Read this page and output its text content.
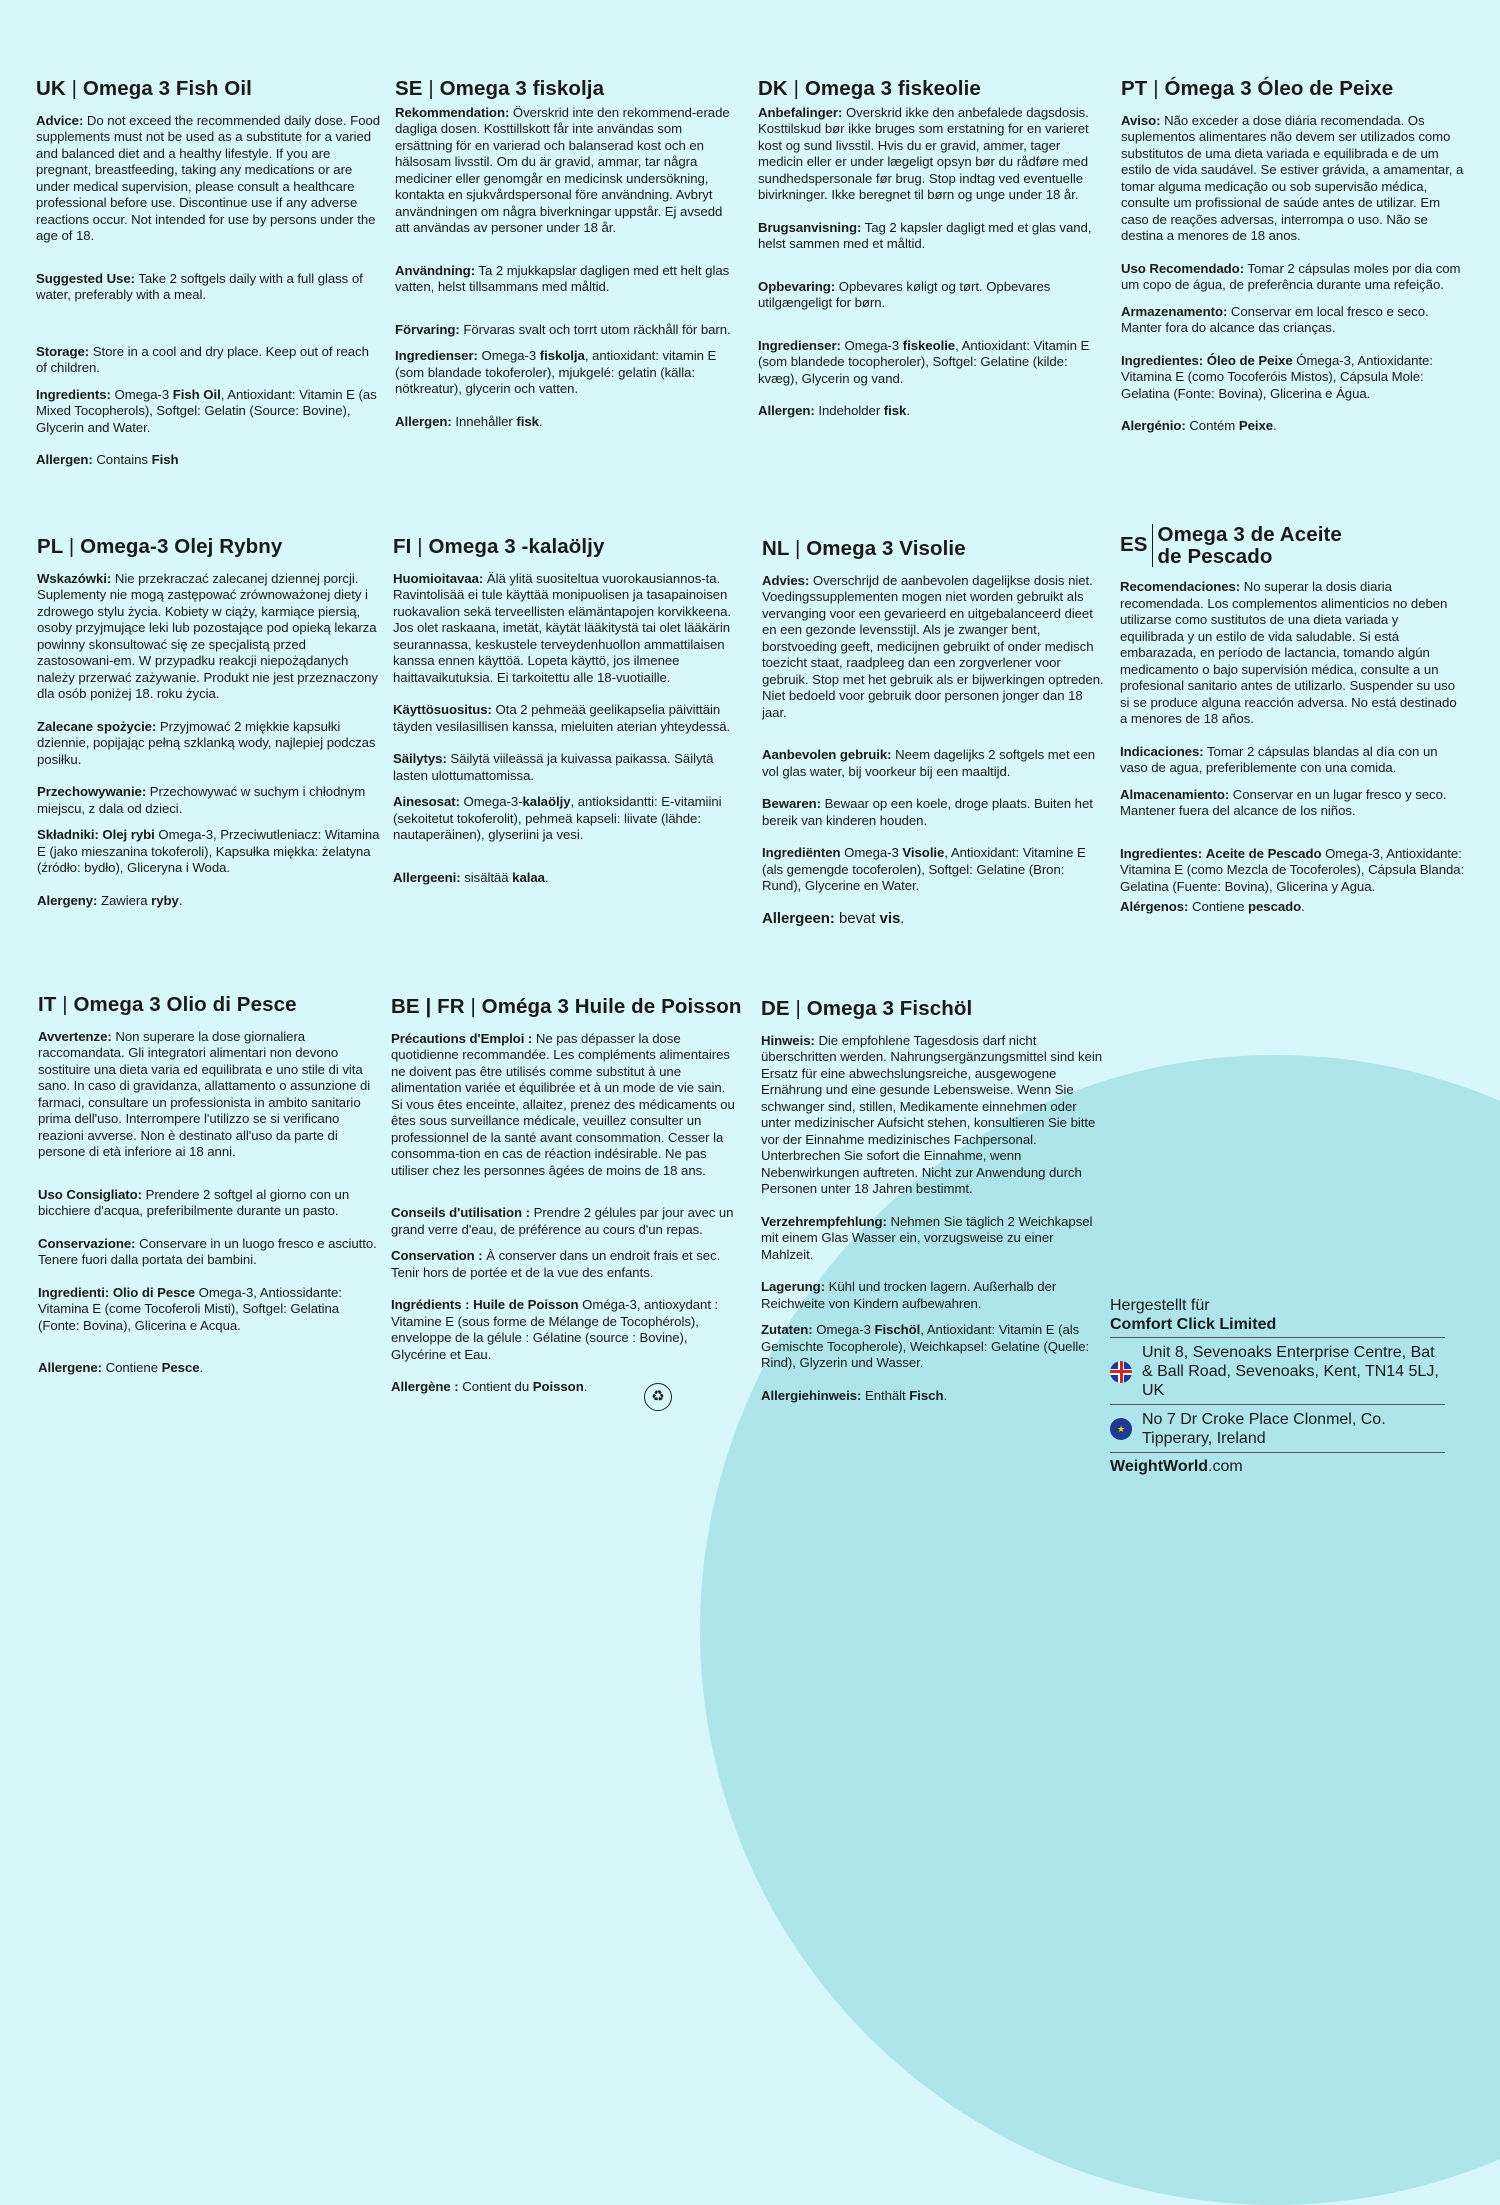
UK | Omega 3 Fish Oil

Advice: Do not exceed the recommended daily dose. Food supplements must not be used as a substitute for a varied and balanced diet and a healthy lifestyle. If you are pregnant, breastfeeding, taking any medications or are under medical supervision, please consult a healthcare professional before use. Discontinue use if any adverse reactions occur. Not intended for use by persons under the age of 18.

Suggested Use: Take 2 softgels daily with a full glass of water, preferably with a meal.

Storage: Store in a cool and dry place. Keep out of reach of children.

Ingredients: Omega-3 Fish Oil, Antioxidant: Vitamin E (as Mixed Tocopherols), Softgel: Gelatin (Source: Bovine), Glycerin and Water.

Allergen: Contains Fish

SE | Omega 3 fiskolja

Rekommendation: Överskrid inte den rekommend-erade dagliga dosen. Kosttillskott får inte användas som ersättning för en varierad och balanserad kost och en hälsosam livsstil. Om du är gravid, ammar, tar några mediciner eller genomgår en medicinsk undersökning, kontakta en sjukvårdspersonal före användning. Avbryt användningen om några biverkningar uppstår. Ej avsedd att användas av personer under 18 år.

Användning: Ta 2 mjukkapslar dagligen med ett helt glas vatten, helst tillsammans med måltid.

Förvaring: Förvaras svalt och torrt utom räckhåll för barn.

Ingredienser: Omega-3 fiskolja, antioxidant: vitamin E (som blandade tokoferoler), mjukgelé: gelatin (källa: nötkreatur), glycerin och vatten.

Allergen: Innehåller fisk.

DK | Omega 3 fiskeolie

Anbefalinger: Overskrid ikke den anbefalede dagsdosis. Kosttilskud bør ikke bruges som erstatning for en varieret kost og sund livsstil. Hvis du er gravid, ammer, tager medicin eller er under lægeligt opsyn bør du rådføre med sundhedspersonale før brug. Stop indtag ved eventuelle bivirkninger. Ikke beregnet til børn og unge under 18 år.

Brugsanvisning: Tag 2 kapsler dagligt med et glas vand, helst sammen med et måltid.

Opbevaring: Opbevares køligt og tørt. Opbevares utilgængeligt for børn.

Ingredienser: Omega-3 fiskeolie, Antioxidant: Vitamin E (som blandede tocopheroler), Softgel: Gelatine (kilde: kvæg), Glycerin og vand.

Allergen: Indeholder fisk.

PT | Ómega 3 Óleo de Peixe

Aviso: Não exceder a dose diária recomendada. Os suplementos alimentares não devem ser utilizados como substitutos de uma dieta variada e equilibrada e de um estilo de vida saudável. Se estiver grávida, a amamentar, a tomar alguma medicação ou sob supervisão médica, consulte um profissional de saúde antes de utilizar. Em caso de reações adversas, interrompa o uso. Não se destina a menores de 18 anos.

Uso Recomendado: Tomar 2 cápsulas moles por dia com um copo de água, de preferência durante uma refeição.

Armazenamento: Conservar em local fresco e seco. Manter fora do alcance das crianças.

Ingredientes: Óleo de Peixe Ómega-3, Antioxidante: Vitamina E (como Tocoferóis Mistos), Cápsula Mole: Gelatina (Fonte: Bovina), Glicerina e Água.

Alergénio: Contém Peixe.

PL | Omega-3 Olej Rybny

Wskazówki: Nie przekraczać zalecanej dziennej porcji. Suplementy nie mogą zastępować zrównoważonej diety i zdrowego stylu życia. Kobiety w ciąży, karmiące piersią, osoby przyjmujące leki lub pozostające pod opieką lekarza powinny skonsultować się ze specjalistą przed zastosowani-em. W przypadku reakcji niepożądanych należy przerwać zażywanie. Produkt nie jest przeznaczony dla osób poniżej 18. roku życia.

Zalecane spożycie: Przyjmować 2 miękkie kapsułki dziennie, popijając pełną szklanką wody, najlepiej podczas posiłku.

Przechowywanie: Przechowywać w suchym i chłodnym miejscu, z dala od dzieci.

Składniki: Olej rybi Omega-3, Przeciwutleniacz: Witamina E (jako mieszanina tokoferoli), Kapsułka miękka: żelatyna (źródło: bydło), Gliceryna i Woda.

Alergeny: Zawiera ryby.

FI | Omega 3 -kalaöljy

Huomioitavaa: Älä ylitä suositeltua vuorokausiannos-ta. Ravintolisää ei tule käyttää monipuolisen ja tasapainoisen ruokavalion sekä terveellisten elämäntapojen korvikkeena. Jos olet raskaana, imetät, käytät lääkitystä tai olet lääkärin seurannassa, keskustele terveydenhuollon ammattilaisen kanssa ennen käyttöä. Lopeta käyttö, jos ilmenee haittavaikutuksia. Ei tarkoitettu alle 18-vuotiaille.

Käyttösuositus: Ota 2 pehmeää geelikapselia päivittäin täyden vesilasillisen kanssa, mieluiten aterian yhteydessä.

Säilytys: Säilytä viileässä ja kuivassa paikassa. Säilytä lasten ulottumattomissa.

Ainesosat: Omega-3-kalaöljy, antioksidantti: E-vitamiini (sekoitetut tokoferolit), pehmeä kapseli: liivate (lähde: nautaperäinen), glyseriini ja vesi.

Allergeeni: sisältää kalaa.

NL | Omega 3 Visolie

Advies: Overschrijd de aanbevolen dagelijkse dosis niet. Voedingssupplementen mogen niet worden gebruikt als vervanging voor een gevarieerd en uitgebalanceerd dieet en een gezonde levensstijl. Als je zwanger bent, borstvoeding geeft, medicijnen gebruikt of onder medisch toezicht staat, raadpleeg dan een zorgverlener voor gebruik. Stop met het gebruik als er bijwerkingen optreden. Niet bedoeld voor gebruik door personen jonger dan 18 jaar.

Aanbevolen gebruik: Neem dagelijks 2 softgels met een vol glas water, bij voorkeur bij een maaltijd.

Bewaren: Bewaar op een koele, droge plaats. Buiten het bereik van kinderen houden.

Ingrediënten Omega-3 Visolie, Antioxidant: Vitamine E (als gemengde tocoferolen), Softgel: Gelatine (Bron: Rund), Glycerine en Water.

Allergeen: bevat vis.

ES Omega 3 de Aceite
de Pescado

Recomendaciones: No superar la dosis diaria recomendada. Los complementos alimenticios no deben utilizarse como sustitutos de una dieta variada y equilibrada y un estilo de vida saludable. Si está embarazada, en período de lactancia, tomando algún medicamento o bajo supervisión médica, consulte a un profesional sanitario antes de utilizarlo. Suspender su uso si se produce alguna reacción adversa. No está destinado a menores de 18 años.

Indicaciones: Tomar 2 cápsulas blandas al día con un vaso de agua, preferiblemente con una comida.

Almacenamiento: Conservar en un lugar fresco y seco. Mantener fuera del alcance de los niños.

Ingredientes: Aceite de Pescado Omega-3, Antioxidante: Vitamina E (como Mezcla de Tocoferoles), Cápsula Blanda: Gelatina (Fuente: Bovina), Glicerina y Agua.

Alérgenos: Contiene pescado.

IT | Omega 3 Olio di Pesce

Avvertenze: Non superare la dose giornaliera raccomandata. Gli integratori alimentari non devono sostituire una dieta varia ed equilibrata e uno stile di vita sano. In caso di gravidanza, allattamento o assunzione di farmaci, consultare un professionista in ambito sanitario prima dell'uso. Interrompere l'utilizzo se si verificano reazioni avverse. Non è destinato all'uso da parte di persone di età inferiore ai 18 anni.

Uso Consigliato: Prendere 2 softgel al giorno con un bicchiere d'acqua, preferibilmente durante un pasto.

Conservazione: Conservare in un luogo fresco e asciutto. Tenere fuori dalla portata dei bambini.

Ingredienti: Olio di Pesce Omega-3, Antiossidante: Vitamina E (come Tocoferoli Misti), Softgel: Gelatina (Fonte: Bovina), Glicerina e Acqua.

Allergene: Contiene Pesce.

BE | FR | Oméga 3 Huile de Poisson

Précautions d'Emploi : Ne pas dépasser la dose quotidienne recommandée. Les compléments alimentaires ne doivent pas être utilisés comme substitut à une alimentation variée et équilibrée et à un mode de vie sain. Si vous êtes enceinte, allaitez, prenez des médicaments ou êtes sous surveillance médicale, veuillez consulter un professionnel de la santé avant consommation. Cesser la consomma-tion en cas de réaction indésirable. Ne pas utiliser chez les personnes âgées de moins de 18 ans.

Conseils d'utilisation : Prendre 2 gélules par jour avec un grand verre d'eau, de préférence au cours d'un repas.

Conservation : À conserver dans un endroit frais et sec. Tenir hors de portée et de la vue des enfants.

Ingrédients : Huile de Poisson Oméga-3, antioxydant : Vitamine E (sous forme de Mélange de Tocophérols), enveloppe de la gélule : Gélatine (source : Bovine), Glycérine et Eau.

Allergène : Contient du Poisson.

♻
DE | Omega 3 Fischöl

Hinweis: Die empfohlene Tagesdosis darf nicht überschritten werden. Nahrungsergänzungsmittel sind kein Ersatz für eine abwechslungsreiche, ausgewogene Ernährung und eine gesunde Lebensweise. Wenn Sie schwanger sind, stillen, Medikamente einnehmen oder unter medizinischer Aufsicht stehen, konsultieren Sie bitte vor der Einnahme medizinisches Fachpersonal. Unterbrechen Sie sofort die Einnahme, wenn Nebenwirkungen auftreten. Nicht zur Anwendung durch Personen unter 18 Jahren bestimmt.

Verzehrempfehlung: Nehmen Sie täglich 2 Weichkapsel mit einem Glas Wasser ein, vorzugsweise zu einer Mahlzeit.

Lagerung: Kühl und trocken lagern. Außerhalb der Reichweite von Kindern aufbewahren.

Zutaten: Omega-3 Fischöl, Antioxidant: Vitamin E (als Gemischte Tocopherole), Weichkapsel: Gelatine (Quelle: Rind), Glyzerin und Wasser.

Allergiehinweis: Enthält Fisch.

Hergestellt für
Comfort Click Limited
Unit 8, Sevenoaks Enterprise Centre, Bat & Ball Road, Sevenoaks, Kent, TN14 5LJ, UK
★
No 7 Dr Croke Place Clonmel, Co. Tipperary, Ireland
WeightWorld.com
